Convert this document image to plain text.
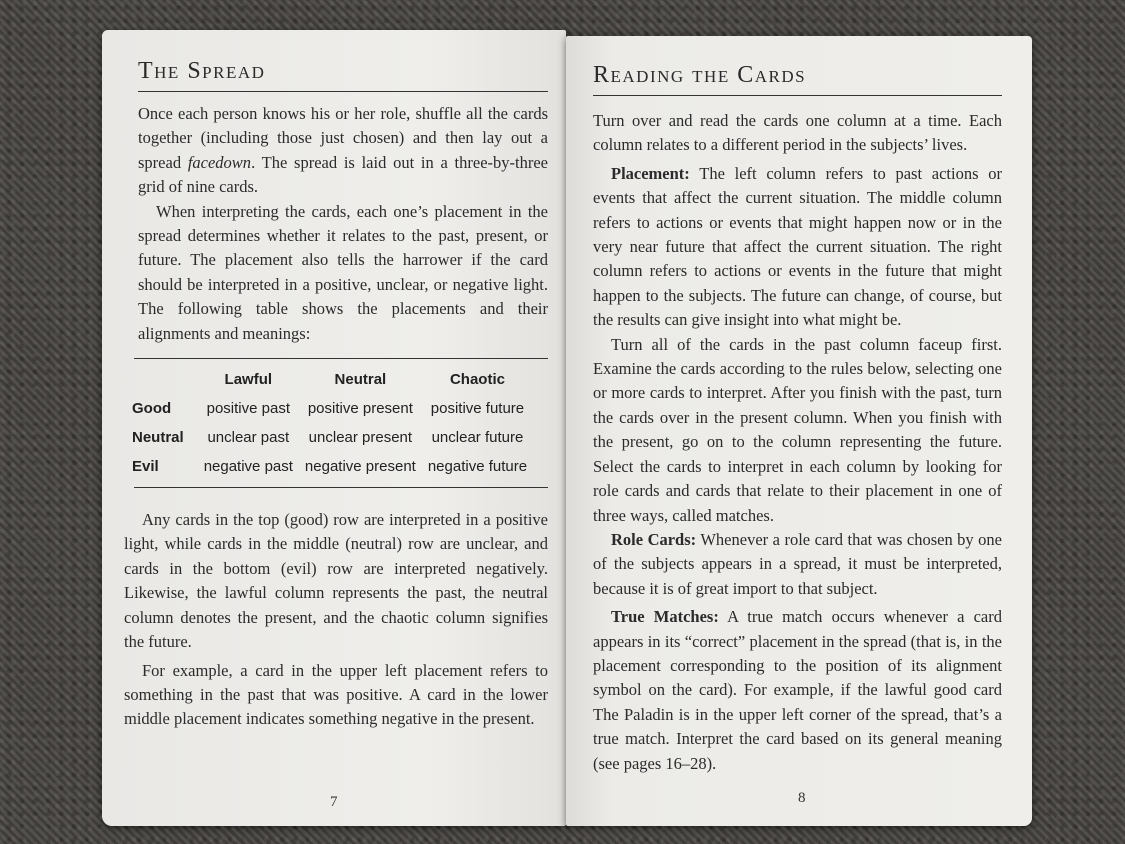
The Spread

Once each person knows his or her role, shuffle all the cards together (including those just chosen) and then lay out a spread facedown. The spread is laid out in a three-by-three grid of nine cards.

When interpreting the cards, each one’s placement in the spread determines whether it relates to the past, present, or future. The placement also tells the harrower if the card should be interpreted in a positive, unclear, or negative light. The following table shows the placements and their alignments and meanings:

	Lawful	Neutral	Chaotic
Good	positive past	positive present	positive future
Neutral	unclear past	unclear present	unclear future
Evil	negative past	negative present	negative future

Any cards in the top (good) row are interpreted in a positive light, while cards in the middle (neutral) row are unclear, and cards in the bottom (evil) row are interpreted negatively. Likewise, the lawful column represents the past, the neutral column denotes the present, and the chaotic column signifies the future.

For example, a card in the upper left placement refers to something in the past that was positive. A card in the lower middle placement indicates something negative in the present.

7
Reading the Cards

Turn over and read the cards one column at a time. Each column relates to a different period in the subjects’ lives.

Placement: The left column refers to past actions or events that affect the current situation. The middle column refers to actions or events that might happen now or in the very near future that affect the current situation. The right column refers to actions or events in the future that might happen to the subjects. The future can change, of course, but the results can give insight into what might be.

Turn all of the cards in the past column faceup first. Examine the cards according to the rules below, selecting one or more cards to interpret. After you finish with the past, turn the cards over in the present column. When you finish with the present, go on to the column representing the future. Select the cards to interpret in each column by looking for role cards and cards that relate to their placement in one of three ways, called matches.

Role Cards: Whenever a role card that was chosen by one of the subjects appears in a spread, it must be interpreted, because it is of great import to that subject.

True Matches: A true match occurs whenever a card appears in its “correct” placement in the spread (that is, in the placement corresponding to the position of its alignment symbol on the card). For example, if the lawful good card The Paladin is in the upper left corner of the spread, that’s a true match. Interpret the card based on its general meaning (see pages 16–28).

8
